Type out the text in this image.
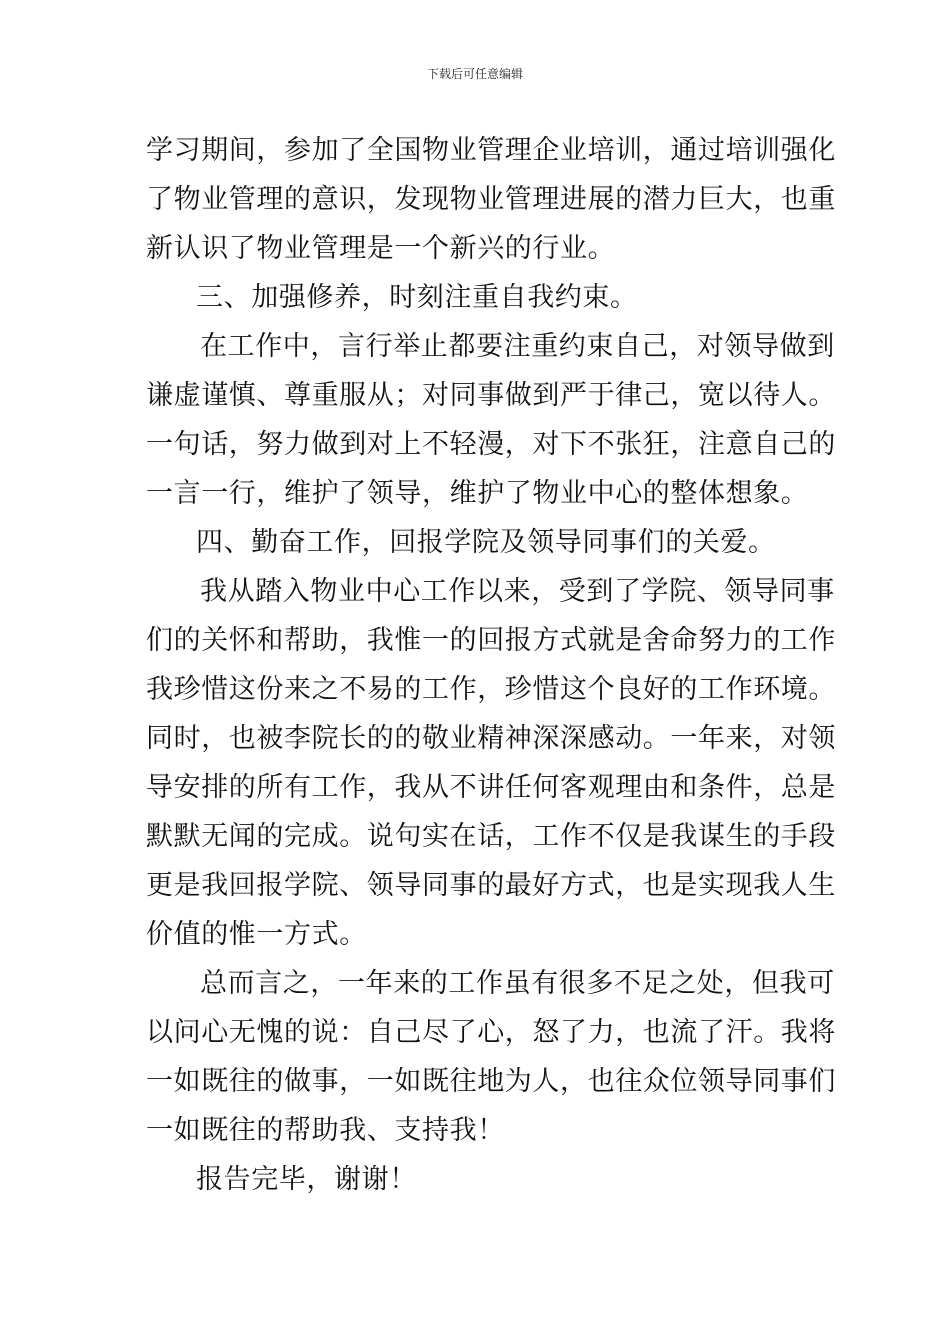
下载后可任意编辑
学习期间，参加了全国物业管理企业培训，通过培训强化
了物业管理的意识，发现物业管理进展的潜力巨大，也重
新认识了物业管理是一个新兴的行业。
三、加强修养，时刻注重自我约束。
在工作中，言行举止都要注重约束自己，对领导做到
谦虚谨慎、尊重服从；对同事做到严于律己，宽以待人。
一句话，努力做到对上不轻漫，对下不张狂，注意自己的
一言一行，维护了领导，维护了物业中心的整体想象。
四、勤奋工作，回报学院及领导同事们的关爱。
我从踏入物业中心工作以来，受到了学院、领导同事
们的关怀和帮助，我惟一的回报方式就是舍命努力的工作
我珍惜这份来之不易的工作，珍惜这个良好的工作环境。
同时，也被李院长的的敬业精神深深感动。一年来，对领
导安排的所有工作，我从不讲任何客观理由和条件，总是
默默无闻的完成。说句实在话，工作不仅是我谋生的手段
更是我回报学院、领导同事的最好方式，也是实现我人生
价值的惟一方式。
总而言之，一年来的工作虽有很多不足之处，但我可
以问心无愧的说：自己尽了心，怒了力，也流了汗。我将
一如既往的做事，一如既往地为人，也往众位领导同事们
一如既往的帮助我、支持我！
报告完毕，谢谢！
